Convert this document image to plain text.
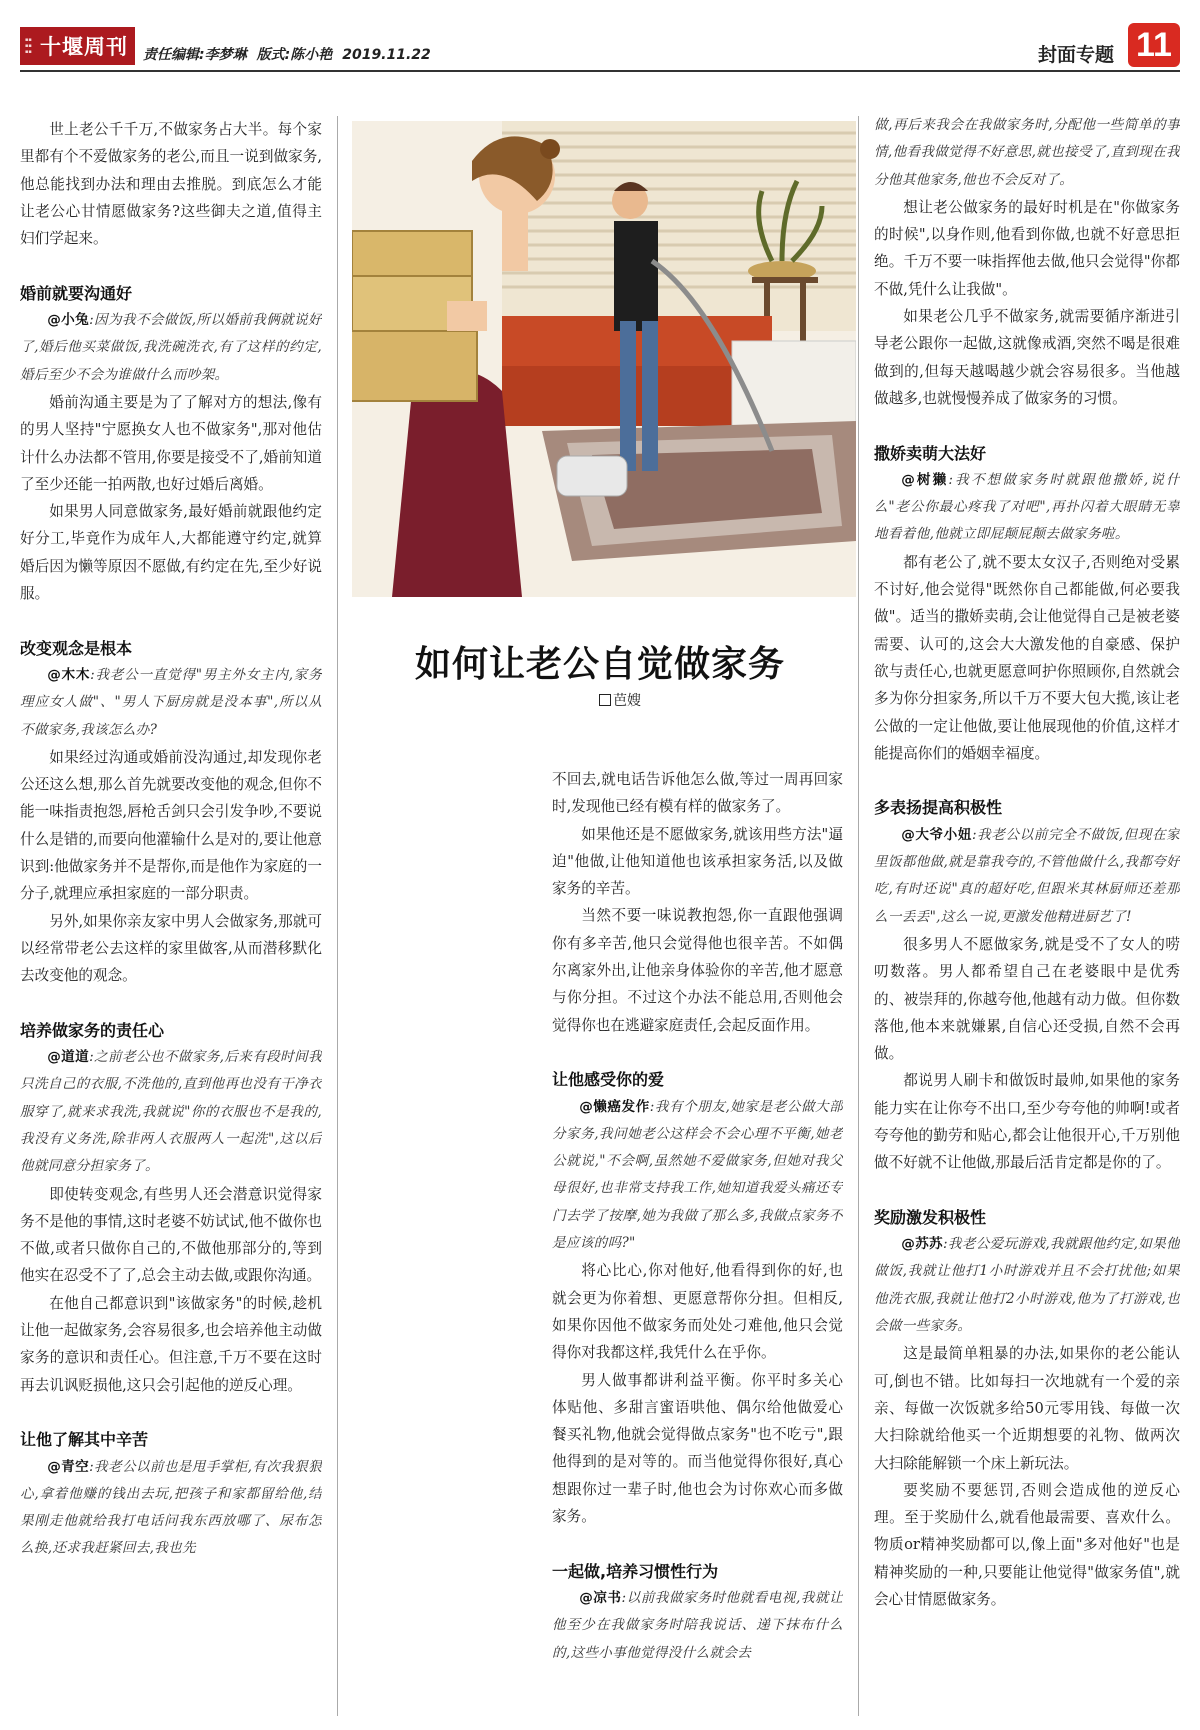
▪▪ ▪▪ ▪▪ 十堰周刊 责任编辑:李梦琳 版式:陈小艳 2019.11.22	封面专题 11

世上老公千千万,不做家务占大半。每个家里都有个不爱做家务的老公,而且一说到做家务,他总能找到办法和理由去推脱。到底怎么才能让老公心甘情愿做家务?这些御夫之道,值得主妇们学起来。

婚前就要沟通好

@小兔:因为我不会做饭,所以婚前我俩就说好了,婚后他买菜做饭,我洗碗洗衣,有了这样的约定,婚后至少不会为谁做什么而吵架。

婚前沟通主要是为了了解对方的想法,像有的男人坚持"宁愿换女人也不做家务",那对他估计什么办法都不管用,你要是接受不了,婚前知道了至少还能一拍两散,也好过婚后离婚。

如果男人同意做家务,最好婚前就跟他约定好分工,毕竟作为成年人,大都能遵守约定,就算婚后因为懒等原因不愿做,有约定在先,至少好说服。

改变观念是根本

@木木:我老公一直觉得"男主外女主内,家务理应女人做"、"男人下厨房就是没本事",所以从不做家务,我该怎么办?

如果经过沟通或婚前没沟通过,却发现你老公还这么想,那么首先就要改变他的观念,但你不能一味指责抱怨,唇枪舌剑只会引发争吵,不要说什么是错的,而要向他灌输什么是对的,要让他意识到:他做家务并不是帮你,而是他作为家庭的一分子,就理应承担家庭的一部分职责。

另外,如果你亲友家中男人会做家务,那就可以经常带老公去这样的家里做客,从而潜移默化去改变他的观念。

培养做家务的责任心

@道道:之前老公也不做家务,后来有段时间我只洗自己的衣服,不洗他的,直到他再也没有干净衣服穿了,就来求我洗,我就说"你的衣服也不是我的,我没有义务洗,除非两人衣服两人一起洗",这以后他就同意分担家务了。

即使转变观念,有些男人还会潜意识觉得家务不是他的事情,这时老婆不妨试试,他不做你也不做,或者只做你自己的,不做他那部分的,等到他实在忍受不了了,总会主动去做,或跟你沟通。

在他自己都意识到"该做家务"的时候,趁机让他一起做家务,会容易很多,也会培养他主动做家务的意识和责任心。但注意,千万不要在这时再去讥讽贬损他,这只会引起他的逆反心理。

让他了解其中辛苦

@青空:我老公以前也是甩手掌柜,有次我狠狠心,拿着他赚的钱出去玩,把孩子和家都留给他,结果刚走他就给我打电话问我东西放哪了、尿布怎么换,还求我赶紧回去,我也先

如何让老公自觉做家务
芭嫂

不回去,就电话告诉他怎么做,等过一周再回家时,发现他已经有模有样的做家务了。

如果他还是不愿做家务,就该用些方法"逼迫"他做,让他知道他也该承担家务活,以及做家务的辛苦。

当然不要一味说教抱怨,你一直跟他强调你有多辛苦,他只会觉得他也很辛苦。不如偶尔离家外出,让他亲身体验你的辛苦,他才愿意与你分担。不过这个办法不能总用,否则他会觉得你也在逃避家庭责任,会起反面作用。

让他感受你的爱

@懒癌发作:我有个朋友,她家是老公做大部分家务,我问她老公这样会不会心理不平衡,她老公就说,"不会啊,虽然她不爱做家务,但她对我父母很好,也非常支持我工作,她知道我爱头痛还专门去学了按摩,她为我做了那么多,我做点家务不是应该的吗?"

将心比心,你对他好,他看得到你的好,也就会更为你着想、更愿意帮你分担。但相反,如果你因他不做家务而处处刁难他,他只会觉得你对我都这样,我凭什么在乎你。

男人做事都讲利益平衡。你平时多关心体贴他、多甜言蜜语哄他、偶尔给他做爱心餐买礼物,他就会觉得做点家务"也不吃亏",跟他得到的是对等的。而当他觉得你很好,真心想跟你过一辈子时,他也会为讨你欢心而多做家务。

一起做,培养习惯性行为

@凉书:以前我做家务时他就看电视,我就让他至少在我做家务时陪我说话、递下抹布什么的,这些小事他觉得没什么就会去

做,再后来我会在我做家务时,分配他一些简单的事情,他看我做觉得不好意思,就也接受了,直到现在我分他其他家务,他也不会反对了。

想让老公做家务的最好时机是在"你做家务的时候",以身作则,他看到你做,也就不好意思拒绝。千万不要一味指挥他去做,他只会觉得"你都不做,凭什么让我做"。

如果老公几乎不做家务,就需要循序渐进引导老公跟你一起做,这就像戒酒,突然不喝是很难做到的,但每天越喝越少就会容易很多。当他越做越多,也就慢慢养成了做家务的习惯。

撒娇卖萌大法好

@树獭:我不想做家务时就跟他撒娇,说什么"老公你最心疼我了对吧",再扑闪着大眼睛无辜地看着他,他就立即屁颠屁颠去做家务啦。

都有老公了,就不要太女汉子,否则绝对受累不讨好,他会觉得"既然你自己都能做,何必要我做"。适当的撒娇卖萌,会让他觉得自己是被老婆需要、认可的,这会大大激发他的自豪感、保护欲与责任心,也就更愿意呵护你照顾你,自然就会多为你分担家务,所以千万不要大包大揽,该让老公做的一定让他做,要让他展现他的价值,这样才能提高你们的婚姻幸福度。

多表扬提高积极性

@大爷小妞:我老公以前完全不做饭,但现在家里饭都他做,就是靠我夸的,不管他做什么,我都夸好吃,有时还说"真的超好吃,但跟米其林厨师还差那么一丢丢",这么一说,更激发他精进厨艺了!

很多男人不愿做家务,就是受不了女人的唠叨数落。男人都希望自己在老婆眼中是优秀的、被崇拜的,你越夸他,他越有动力做。但你数落他,他本来就嫌累,自信心还受损,自然不会再做。

都说男人刷卡和做饭时最帅,如果他的家务能力实在让你夸不出口,至少夸夸他的帅啊!或者夸夸他的勤劳和贴心,都会让他很开心,千万别他做不好就不让他做,那最后活肯定都是你的了。

奖励激发积极性

@苏苏:我老公爱玩游戏,我就跟他约定,如果他做饭,我就让他打1小时游戏并且不会打扰他;如果他洗衣服,我就让他打2小时游戏,他为了打游戏,也会做一些家务。

这是最简单粗暴的办法,如果你的老公能认可,倒也不错。比如每扫一次地就有一个爱的亲亲、每做一次饭就多给50元零用钱、每做一次大扫除就给他买一个近期想要的礼物、做两次大扫除能解锁一个床上新玩法。

要奖励不要惩罚,否则会造成他的逆反心理。至于奖励什么,就看他最需要、喜欢什么。物质or精神奖励都可以,像上面"多对他好"也是精神奖励的一种,只要能让他觉得"做家务值",就会心甘情愿做家务。
